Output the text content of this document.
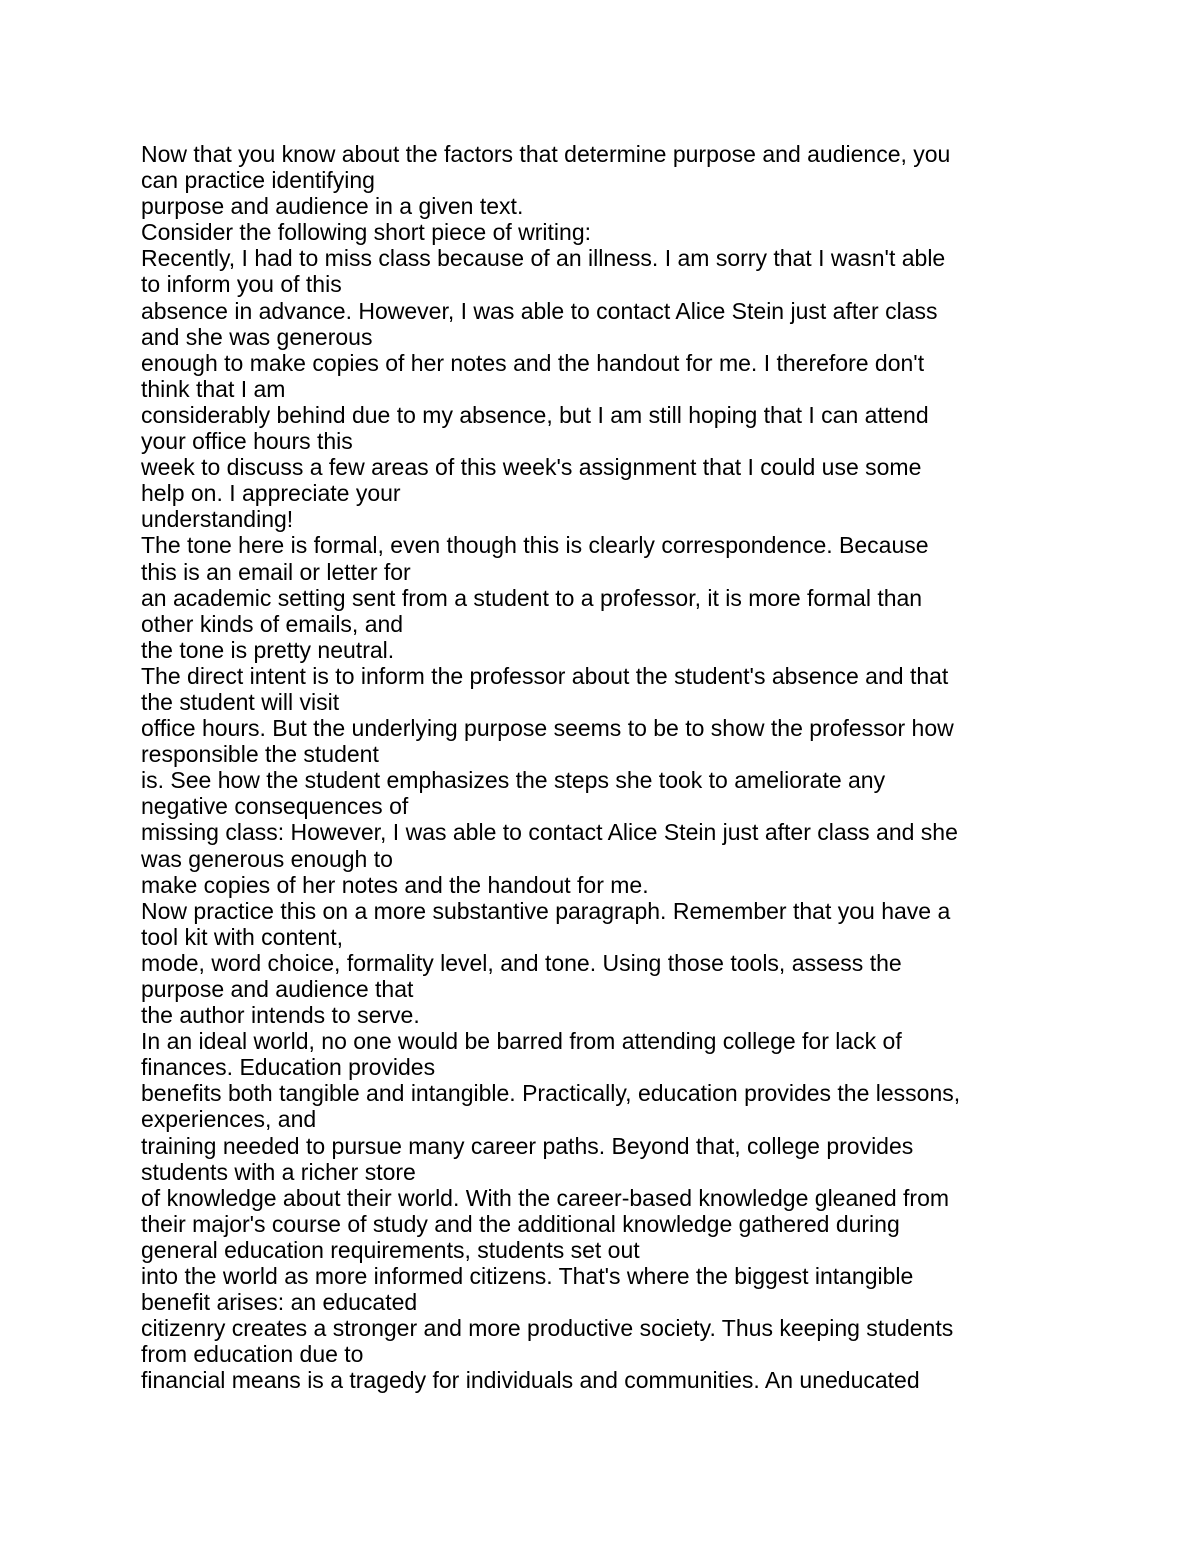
Now that you know about the factors that determine purpose and audience, you
can practice identifying
purpose and audience in a given text.
Consider the following short piece of writing:
Recently, I had to miss class because of an illness. I am sorry that I wasn't able
to inform you of this
absence in advance. However, I was able to contact Alice Stein just after class
and she was generous
enough to make copies of her notes and the handout for me. I therefore don't
think that I am
considerably behind due to my absence, but I am still hoping that I can attend
your office hours this
week to discuss a few areas of this week's assignment that I could use some
help on. I appreciate your
understanding!
The tone here is formal, even though this is clearly correspondence. Because
this is an email or letter for
an academic setting sent from a student to a professor, it is more formal than
other kinds of emails, and
the tone is pretty neutral.
The direct intent is to inform the professor about the student's absence and that
the student will visit
office hours. But the underlying purpose seems to be to show the professor how
responsible the student
is. See how the student emphasizes the steps she took to ameliorate any
negative consequences of
missing class: However, I was able to contact Alice Stein just after class and she
was generous enough to
make copies of her notes and the handout for me.
Now practice this on a more substantive paragraph. Remember that you have a
tool kit with content,
mode, word choice, formality level, and tone. Using those tools, assess the
purpose and audience that
the author intends to serve.
In an ideal world, no one would be barred from attending college for lack of
finances. Education provides
benefits both tangible and intangible. Practically, education provides the lessons,
experiences, and
training needed to pursue many career paths. Beyond that, college provides
students with a richer store
of knowledge about their world. With the career-based knowledge gleaned from
their major's course of study and the additional knowledge gathered during
general education requirements, students set out
into the world as more informed citizens. That's where the biggest intangible
benefit arises: an educated
citizenry creates a stronger and more productive society. Thus keeping students
from education due to
financial means is a tragedy for individuals and communities. An uneducated
